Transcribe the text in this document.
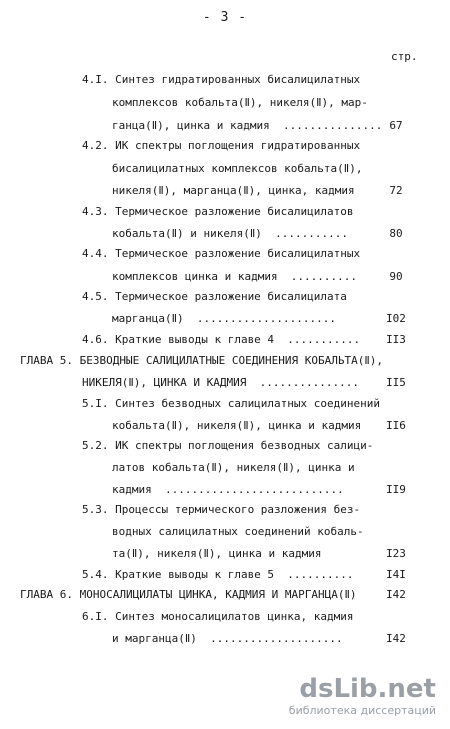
- 3 -
стр.
4.I. Синтез гидратированных бисалицилатных
комплексов кобальта(Ⅱ), никеля(Ⅱ), мар-
ганца(Ⅱ), цинка и кадмия  ............... 67
4.2. ИК спектры поглощения гидратированных
бисалицилатных комплексов кобальта(Ⅱ),
никеля(Ⅱ), марганца(Ⅱ), цинка, кадмия	72
4.3. Термическое разложение бисалицилатов
кобальта(Ⅱ) и никеля(Ⅱ)  ...........	80
4.4. Термическое разложение бисалицилатных
комплексов цинка и кадмия  ..........	90
4.5. Термическое разложение бисалицилата
марганца(Ⅱ)  .....................	I02
4.6. Краткие выводы к главе 4  ...........	II3
ГЛАВА 5. БЕЗВОДНЫЕ САЛИЦИЛАТНЫЕ СОЕДИНЕНИЯ КОБАЛЬТА(Ⅱ),
НИКЕЛЯ(Ⅱ), ЦИНКА И КАДМИЯ  ...............	II5
5.I. Синтез безводных салицилатных соединений
кобальта(Ⅱ), никеля(Ⅱ), цинка и кадмия	II6
5.2. ИК спектры поглощения безводных салици-
латов кобальта(Ⅱ), никеля(Ⅱ), цинка и
кадмия  ...........................	II9
5.3. Процессы термического разложения без-
водных салицилатных соединений кобаль-
та(Ⅱ), никеля(Ⅱ), цинка и кадмия	I23
5.4. Краткие выводы к главе 5  ..........	I4I
ГЛАВА 6. МОНОСАЛИЦИЛАТЫ ЦИНКА, КАДМИЯ И МАРГАНЦА(Ⅱ)	I42
6.I. Синтез моносалицилатов цинка, кадмия
и марганца(Ⅱ)  ....................	I42
dsLib.net
библиотека диссертаций
